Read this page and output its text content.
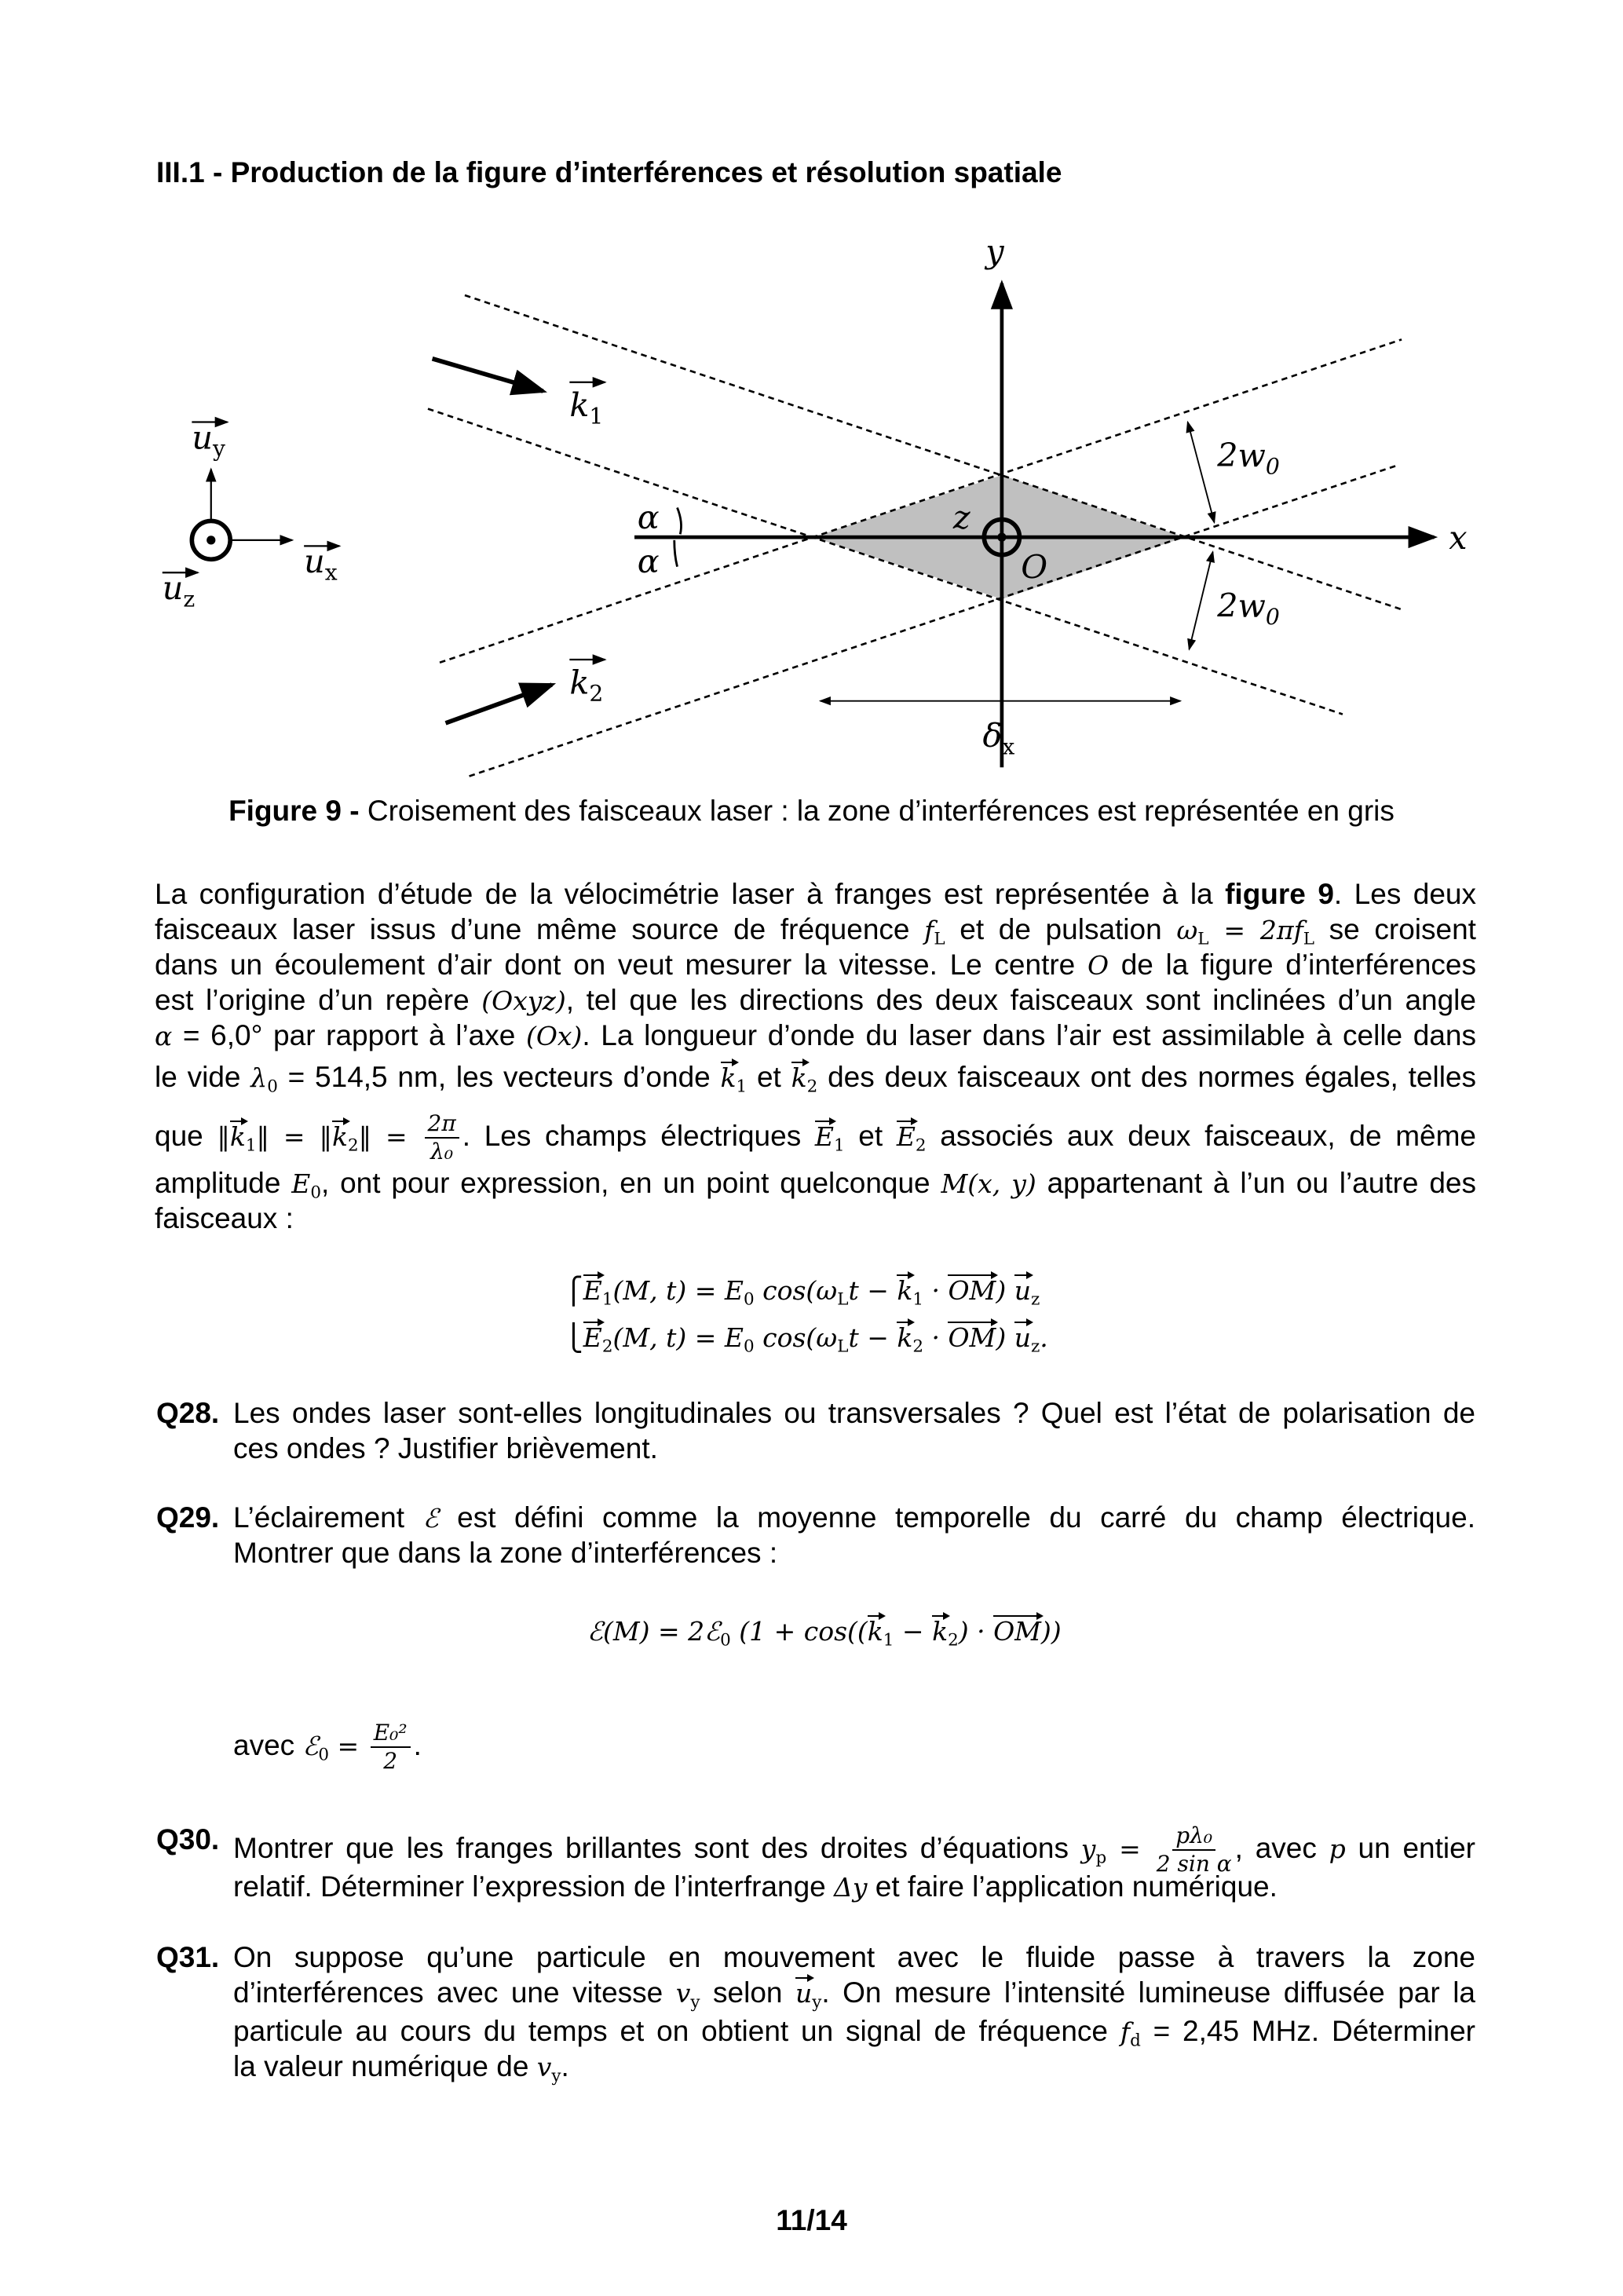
III.1 - Production de la figure d’interférences et résolution spatiale
y
x
z
O
α
α
$k_1$
$k_2$
$u_y$
$u_x$
$u_z$
$2w_0$
$2w_0$
$\delta_x$
Figure 9 - Croisement des faisceaux laser : la zone d’interférences est représentée en gris
La configuration d’étude de la vélocimétrie laser à franges est représentée à la figure 9. Les deux
faisceaux laser issus d’une même source de fréquence $f_L$ et de pulsation $\omega_L = 2\pi f_L$ se croisent
dans un écoulement d’air dont on veut mesurer la vitesse. Le centre O de la figure d’interférences
est l’origine d’un repère (Oxyz), tel que les directions des deux faisceaux sont inclinées d’un angle
α = 6,0° par rapport à l’axe (Ox). La longueur d’onde du laser dans l’air est assimilable à celle dans
le vide $\lambda_0 = 514,5$ nm, les vecteurs d’onde $k_1$ et $k_2$ des deux faisceaux ont des normes égales, telles
que $‖k_1‖$ = $‖k_2‖ = \frac{2\pi}{\text{λ₀}}$ . Les champs électriques $E_1$ et $E_2$ associés aux deux faisceaux, de même
amplitude $E_0$, ont pour expression, en un point quelconque M(x, y) appartenant à l’un ou l’autre des
faisceaux :
$⎧E_1(M$, $t) = E_0$ $\cos(\omega_Lt - k_1 \cdot OM)$ $u_z$
$⎩E_2(M$, $t) = E_0$ $\cos(\omega_Lt - k_2 \cdot OM)$ $u_z$.
Q28. Les ondes laser sont-elles longitudinales ou transversales ? Quel est l’état de polarisation de
ces ondes ? Justifier brièvement.
Q29. L’éclairement ℰ est défini comme la moyenne temporelle du carré du champ électrique.
Montrer que dans la zone d’interférences :
ℰ(M) = 2ℰ$_0$ $(1 + \cos((k_1 - k_2) \cdot OM))$
avec ℰ$_0$ = $\frac{\text{E₀²}}{2}$ .
Q30. Montrer que les franges brillantes sont des droites d’équations $y_p = \frac{\text{pλ₀}}{\text{2 sin α}}$ , avec p un entier
relatif. Déterminer l’expression de l’interfrange Δy et faire l’application numérique.
Q31. On suppose qu’une particule en mouvement avec le fluide passe à travers la zone
d’interférences avec une vitesse $v_y$ selon $u_y$. On mesure l’intensité lumineuse diffusée par la
particule au cours du temps et on obtient un signal de fréquence $f_d = 2,45$ MHz. Déterminer
la valeur numérique de $v_y$.
11/14
